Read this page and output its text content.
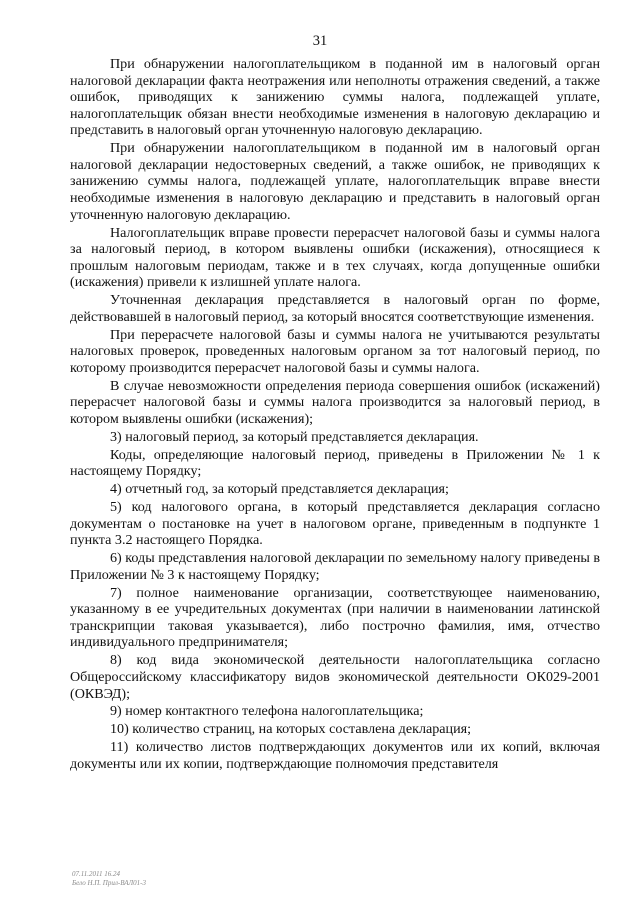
31

При обнаружении налогоплательщиком в поданной им в налоговый орган налоговой декларации факта неотражения или неполноты отражения сведений, а также ошибок, приводящих к занижению суммы налога, подлежащей уплате, налогоплательщик обязан внести необходимые изменения в налоговую декларацию и представить в налоговый орган уточненную налоговую декларацию.

При обнаружении налогоплательщиком в поданной им в налоговый орган налоговой декларации недостоверных сведений, а также ошибок, не приводящих к занижению суммы налога, подлежащей уплате, налогоплательщик вправе внести необходимые изменения в налоговую декларацию и представить в налоговый орган уточненную налоговую декларацию.

Налогоплательщик вправе провести перерасчет налоговой базы и суммы налога за налоговый период, в котором выявлены ошибки (искажения), относящиеся к прошлым налоговым периодам, также и в тех случаях, когда допущенные ошибки (искажения) привели к излишней уплате налога.

Уточненная декларация представляется в налоговый орган по форме, действовавшей в налоговый период, за который вносятся соответствующие изменения.

При перерасчете налоговой базы и суммы налога не учитываются результаты налоговых проверок, проведенных налоговым органом за тот налоговый период, по которому производится перерасчет налоговой базы и суммы налога.

В случае невозможности определения периода совершения ошибок (искажений) перерасчет налоговой базы и суммы налога производится за налоговый период, в котором выявлены ошибки (искажения);

3) налоговый период, за который представляется декларация.

Коды, определяющие налоговый период, приведены в Приложении № 1 к настоящему Порядку;

4) отчетный год, за который представляется декларация;

5) код налогового органа, в который представляется декларация согласно документам о постановке на учет в налоговом органе, приведенным в подпункте 1 пункта 3.2 настоящего Порядка.

6) коды представления налоговой декларации по земельному налогу приведены в Приложении № 3 к настоящему Порядку;

7) полное наименование организации, соответствующее наименованию, указанному в ее учредительных документах (при наличии в наименовании латинской транскрипции таковая указывается), либо построчно фамилия, имя, отчество индивидуального предпринимателя;

8) код вида экономической деятельности налогоплательщика согласно Общероссийскому классификатору видов экономической деятельности ОК029-2001 (ОКВЭД);

9) номер контактного телефона налогоплательщика;

10) количество страниц, на которых составлена декларация;

11) количество листов подтверждающих документов или их копий, включая документы или их копии, подтверждающие полномочия представителя

07.11.2011 16.24
Бело Н.П. Прил-ВАЛ01-3
